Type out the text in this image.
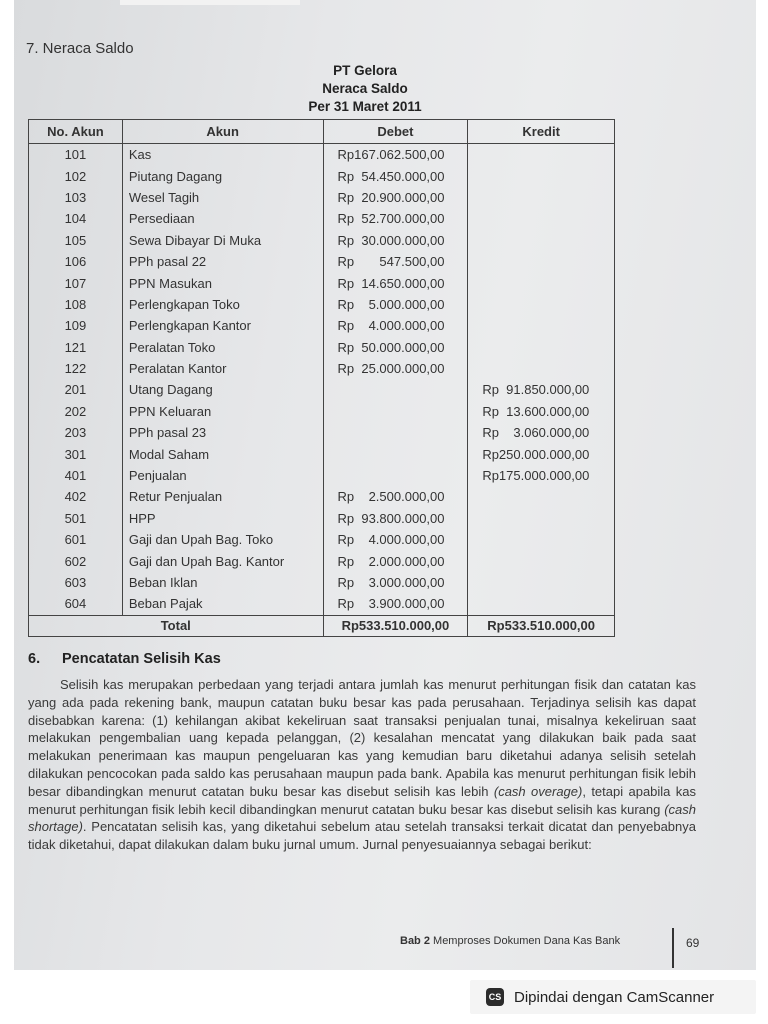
7. Neraca Saldo
PT Gelora
Neraca Saldo
Per 31 Maret 2011
No. Akun	Akun	Debet	Kredit
101	Kas	Rp167.062.500,00	
102	Piutang Dagang	Rp  54.450.000,00	
103	Wesel Tagih	Rp  20.900.000,00	
104	Persediaan	Rp  52.700.000,00	
105	Sewa Dibayar Di Muka	Rp  30.000.000,00	
106	PPh pasal 22	Rp       547.500,00	
107	PPN Masukan	Rp  14.650.000,00	
108	Perlengkapan Toko	Rp    5.000.000,00	
109	Perlengkapan Kantor	Rp    4.000.000,00	
121	Peralatan Toko	Rp  50.000.000,00	
122	Peralatan Kantor	Rp  25.000.000,00	
201	Utang Dagang		Rp  91.850.000,00
202	PPN Keluaran		Rp  13.600.000,00
203	PPh pasal 23		Rp    3.060.000,00
301	Modal Saham		Rp250.000.000,00
401	Penjualan		Rp175.000.000,00
402	Retur Penjualan	Rp    2.500.000,00	
501	HPP	Rp  93.800.000,00	
601	Gaji dan Upah Bag. Toko	Rp    4.000.000,00	
602	Gaji dan Upah Bag. Kantor	Rp    2.000.000,00	
603	Beban Iklan	Rp    3.000.000,00	
604	Beban Pajak	Rp    3.900.000,00	
Total		Rp533.510.000,00	Rp533.510.000,00
6. Pencatatan Selisih Kas
Selisih kas merupakan perbedaan yang terjadi antara jumlah kas menurut perhitungan fisik dan catatan kas yang ada pada rekening bank, maupun catatan buku besar kas pada perusahaan. Terjadinya selisih kas dapat disebabkan karena: (1) kehilangan akibat kekeliruan saat transaksi penjualan tunai, misalnya kekeliruan saat melakukan pengembalian uang kepada pelanggan, (2) kesalahan mencatat yang dilakukan baik pada saat melakukan penerimaan kas maupun pengeluaran kas yang kemudian baru diketahui adanya selisih setelah dilakukan pencocokan pada saldo kas perusahaan maupun pada bank. Apabila kas menurut perhitungan fisik lebih besar dibandingkan menurut catatan buku besar kas disebut selisih kas lebih (cash overage), tetapi apabila kas menurut perhitungan fisik lebih kecil dibandingkan menurut catatan buku besar kas disebut selisih kas kurang (cash shortage). Pencatatan selisih kas, yang diketahui sebelum atau setelah transaksi terkait dicatat dan penyebabnya tidak diketahui, dapat dilakukan dalam buku jurnal umum. Jurnal penyesuaiannya sebagai berikut:
Bab 2 Memproses Dokumen Dana Kas Bank	69
CS Dipindai dengan CamScanner
